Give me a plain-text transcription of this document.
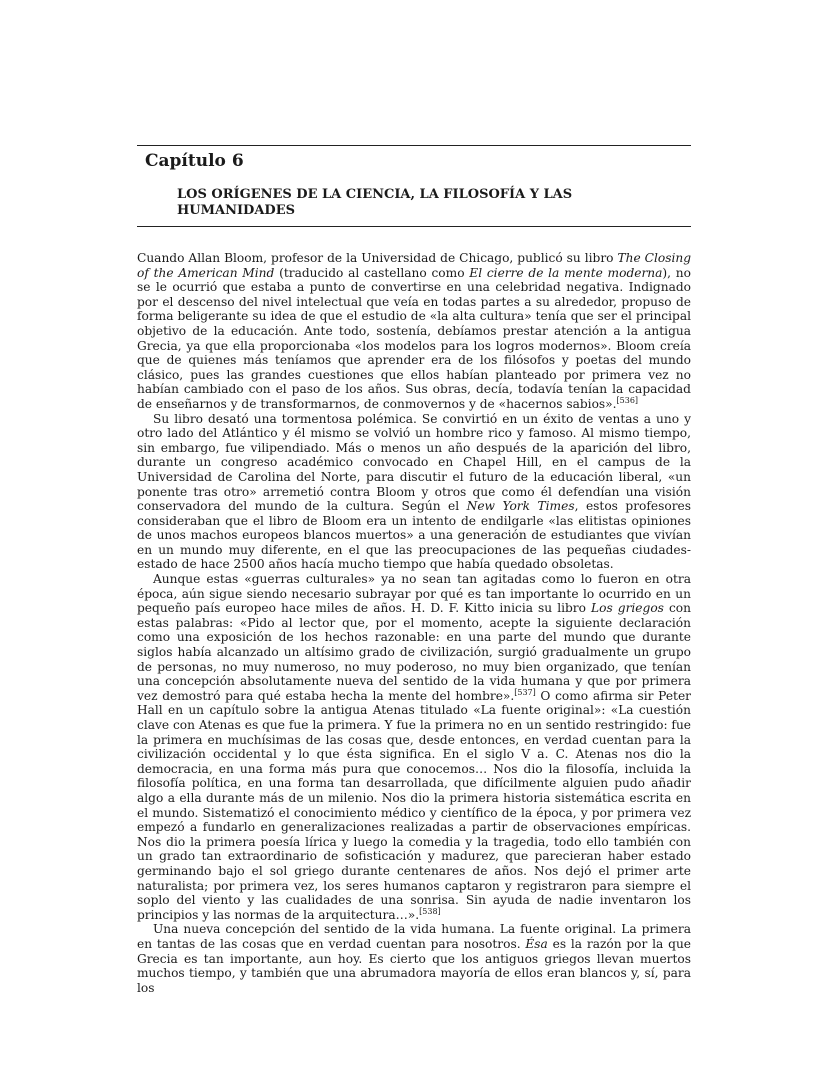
Capítulo 6
LOS ORÍGENES DE LA CIENCIA, LA FILOSOFÍA Y LAS HUMANIDADES

Cuando Allan Bloom, profesor de la Universidad de Chicago, publicó su libro The Closing of the American Mind (traducido al castellano como El cierre de la mente moderna), no se le ocurrió que estaba a punto de convertirse en una celebridad negativa. Indignado por el descenso del nivel intelectual que veía en todas partes a su alrededor, propuso de forma beligerante su idea de que el estudio de «la alta cultura» tenía que ser el principal objetivo de la educación. Ante todo, sostenía, debíamos prestar atención a la antigua Grecia, ya que ella proporcionaba «los modelos para los logros modernos». Bloom creía que de quienes más teníamos que aprender era de los filósofos y poetas del mundo clásico, pues las grandes cuestiones que ellos habían planteado por primera vez no habían cambiado con el paso de los años. Sus obras, decía, todavía tenían la capacidad de enseñarnos y de transformarnos, de conmovernos y de «hacernos sabios».[536]

Su libro desató una tormentosa polémica. Se convirtió en un éxito de ventas a uno y otro lado del Atlántico y él mismo se volvió un hombre rico y famoso. Al mismo tiempo, sin embargo, fue vilipendiado. Más o menos un año después de la aparición del libro, durante un congreso académico convocado en Chapel Hill, en el campus de la Universidad de Carolina del Norte, para discutir el futuro de la educación liberal, «un ponente tras otro» arremetió contra Bloom y otros que como él defendían una visión conservadora del mundo de la cultura. Según el New York Times, estos profesores consideraban que el libro de Bloom era un intento de endilgarle «las elitistas opiniones de unos machos europeos blancos muertos» a una generación de estudiantes que vivían en un mundo muy diferente, en el que las preocupaciones de las pequeñas ciudades-estado de hace 2500 años hacía mucho tiempo que había quedado obsoletas.

Aunque estas «guerras culturales» ya no sean tan agitadas como lo fueron en otra época, aún sigue siendo necesario subrayar por qué es tan importante lo ocurrido en un pequeño país europeo hace miles de años. H. D. F. Kitto inicia su libro Los griegos con estas palabras: «Pido al lector que, por el momento, acepte la siguiente declaración como una exposición de los hechos razonable: en una parte del mundo que durante siglos había alcanzado un altísimo grado de civilización, surgió gradualmente un grupo de personas, no muy numeroso, no muy poderoso, no muy bien organizado, que tenían una concepción absolutamente nueva del sentido de la vida humana y que por primera vez demostró para qué estaba hecha la mente del hombre».[537] O como afirma sir Peter Hall en un capítulo sobre la antigua Atenas titulado «La fuente original»: «La cuestión clave con Atenas es que fue la primera. Y fue la primera no en un sentido restringido: fue la primera en muchísimas de las cosas que, desde entonces, en verdad cuentan para la civilización occidental y lo que ésta significa. En el siglo V a. C. Atenas nos dio la democracia, en una forma más pura que conocemos… Nos dio la filosofía, incluida la filosofía política, en una forma tan desarrollada, que difícilmente alguien pudo añadir algo a ella durante más de un milenio. Nos dio la primera historia sistemática escrita en el mundo. Sistematizó el conocimiento médico y científico de la época, y por primera vez empezó a fundarlo en generalizaciones realizadas a partir de observaciones empíricas. Nos dio la primera poesía lírica y luego la comedia y la tragedia, todo ello también con un grado tan extraordinario de sofisticación y madurez, que parecieran haber estado germinando bajo el sol griego durante centenares de años. Nos dejó el primer arte naturalista; por primera vez, los seres humanos captaron y registraron para siempre el soplo del viento y las cualidades de una sonrisa. Sin ayuda de nadie inventaron los principios y las normas de la arquitectura…».[538]

Una nueva concepción del sentido de la vida humana. La fuente original. La primera en tantas de las cosas que en verdad cuentan para nosotros. Ésa es la razón por la que Grecia es tan importante, aun hoy. Es cierto que los antiguos griegos llevan muertos muchos tiempo, y también que una abrumadora mayoría de ellos eran blancos y, sí, para los
